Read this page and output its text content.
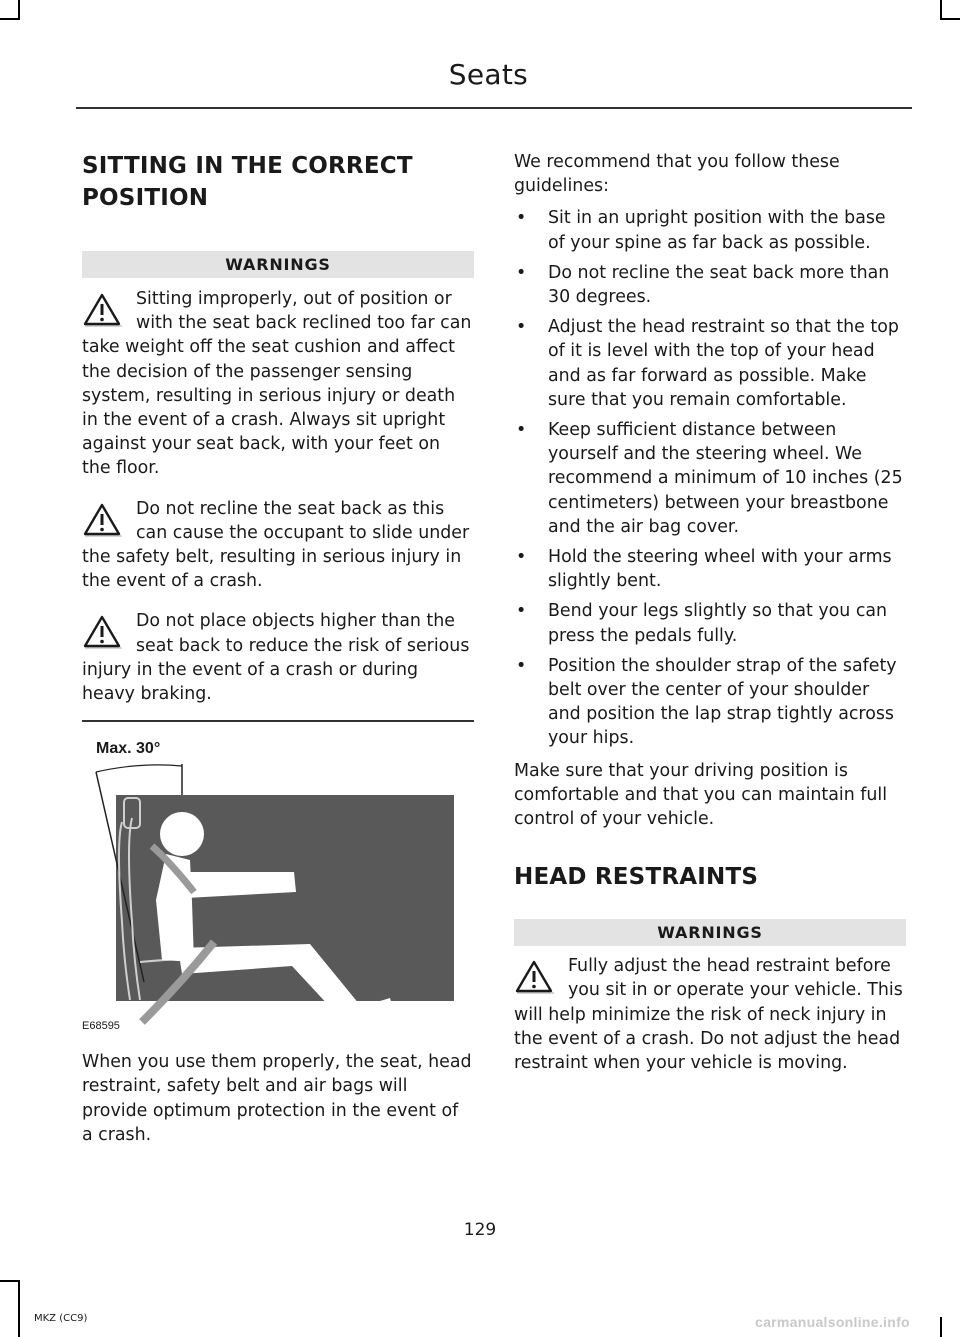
Seats
SITTING IN THE CORRECT
POSITION
WARNINGS

Sitting improperly, out of position or with the seat back reclined too far can take weight off the seat cushion and affect the decision of the passenger sensing system, resulting in serious injury or death in the event of a crash. Always sit upright against your seat back, with your feet on the floor.

Do not recline the seat back as this can cause the occupant to slide under the safety belt, resulting in serious injury in the event of a crash.

Do not place objects higher than the seat back to reduce the risk of serious injury in the event of a crash or during heavy braking.

Max. 30°
E68595

When you use them properly, the seat, head restraint, safety belt and air bags will provide optimum protection in the event of a crash.

We recommend that you follow these guidelines:

• Sit in an upright position with the base of your spine as far back as possible.
• Do not recline the seat back more than 30 degrees.
• Adjust the head restraint so that the top of it is level with the top of your head and as far forward as possible. Make sure that you remain comfortable.
• Keep sufficient distance between yourself and the steering wheel. We recommend a minimum of 10 inches (25 centimeters) between your breastbone and the air bag cover.
• Hold the steering wheel with your arms slightly bent.
• Bend your legs slightly so that you can press the pedals fully.
• Position the shoulder strap of the safety belt over the center of your shoulder and position the lap strap tightly across your hips.

Make sure that your driving position is comfortable and that you can maintain full control of your vehicle.

HEAD RESTRAINTS
WARNINGS

Fully adjust the head restraint before you sit in or operate your vehicle. This will help minimize the risk of neck injury in the event of a crash. Do not adjust the head restraint when your vehicle is moving.

129
MKZ (CC9)	carmanualsonline.info
